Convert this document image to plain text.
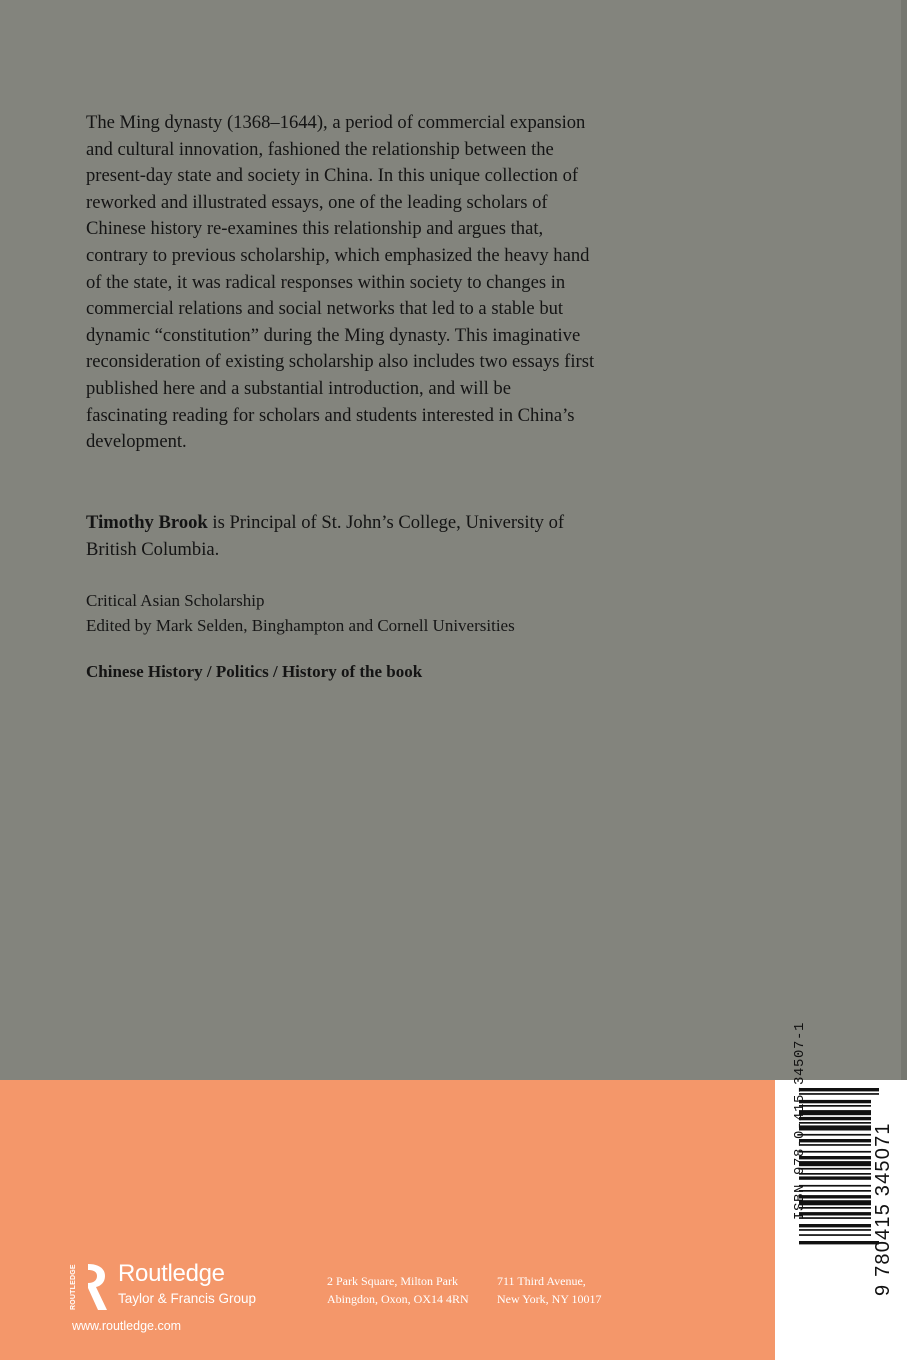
The Ming dynasty (1368–1644), a period of commercial expansion and cultural innovation, fashioned the relationship between the present-day state and society in China. In this unique collection of reworked and illustrated essays, one of the leading scholars of Chinese history re-examines this relationship and argues that, contrary to previous scholarship, which emphasized the heavy hand of the state, it was radical responses within society to changes in commercial relations and social networks that led to a stable but dynamic “constitution” during the Ming dynasty. This imaginative reconsideration of existing scholarship also includes two essays first published here and a substantial introduction, and will be fascinating reading for scholars and students interested in China’s development.

Timothy Brook is Principal of St. John’s College, University of British Columbia.

Critical Asian Scholarship
Edited by Mark Selden, Binghampton and Cornell Universities

Chinese History / Politics / History of the book

ROUTLEDGE Routledge
Taylor & Francis Group
www.routledge.com

2 Park Square, Milton Park
Abingdon, Oxon, OX14 4RN

711 Third Avenue,
New York, NY 10017

ISBN 978-0-415-34507-1	9 780415 345071
